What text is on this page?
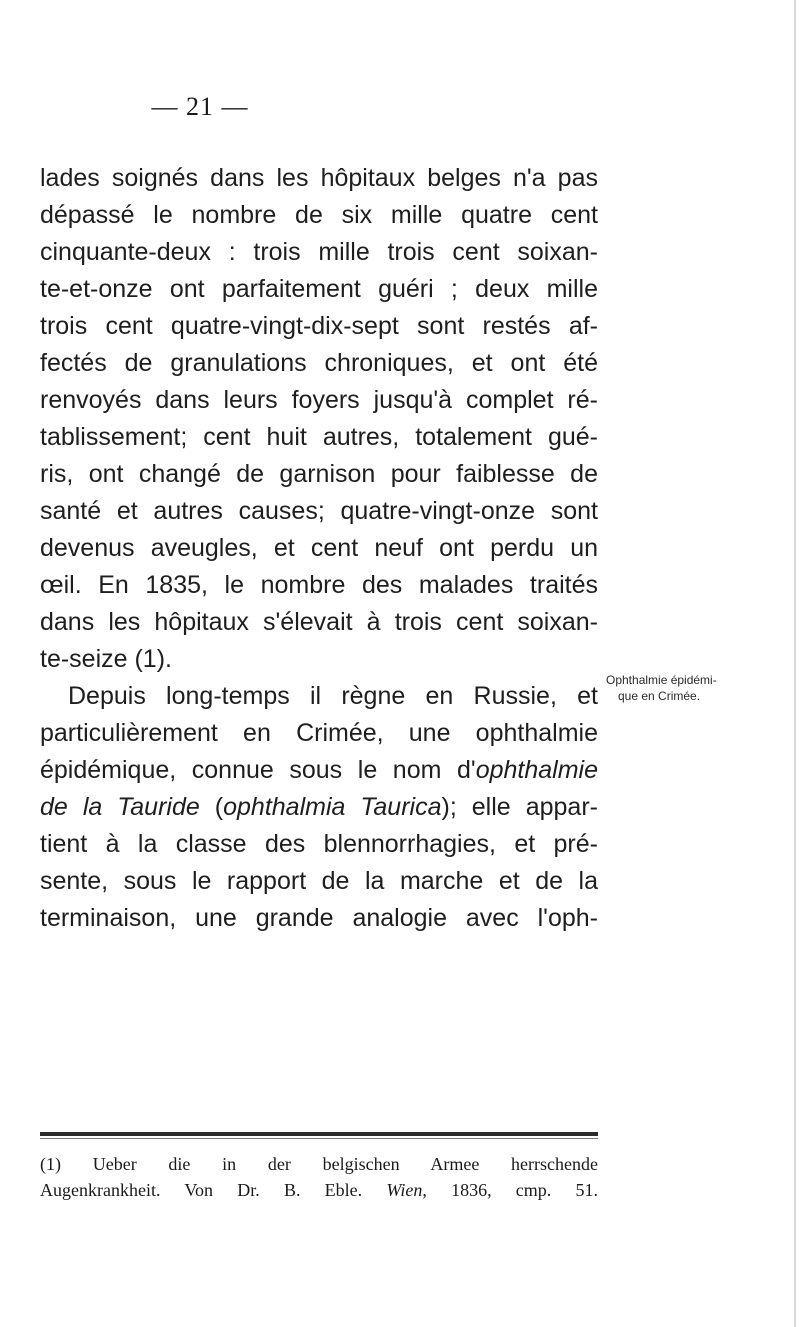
— 21 —
lades soignés dans les hôpitaux belges n'a pas
dépassé le nombre de six mille quatre cent
cinquante-deux : trois mille trois cent soixan-
te-et-onze ont parfaitement guéri ; deux mille
trois cent quatre-vingt-dix-sept sont restés af-
fectés de granulations chroniques, et ont été
renvoyés dans leurs foyers jusqu'à complet ré-
tablissement; cent huit autres, totalement gué-
ris, ont changé de garnison pour faiblesse de
santé et autres causes; quatre-vingt-onze sont
devenus aveugles, et cent neuf ont perdu un
œil. En 1835, le nombre des malades traités
dans les hôpitaux s'élevait à trois cent soixan-
te-seize (1).
Depuis long-temps il règne en Russie, et
particulièrement en Crimée, une ophthalmie
épidémique, connue sous le nom d'ophthalmie
de la Tauride (ophthalmia Taurica); elle appar-
tient à la classe des blennorrhagies, et pré-
sente, sous le rapport de la marche et de la
terminaison, une grande analogie avec l'oph-
Ophthalmie épidémi-
que en Crimée.
(1) Ueber die in der belgischen Armee herrschende
Augenkrankheit. Von Dr. B. Eble. Wien, 1836, cmp. 51.
